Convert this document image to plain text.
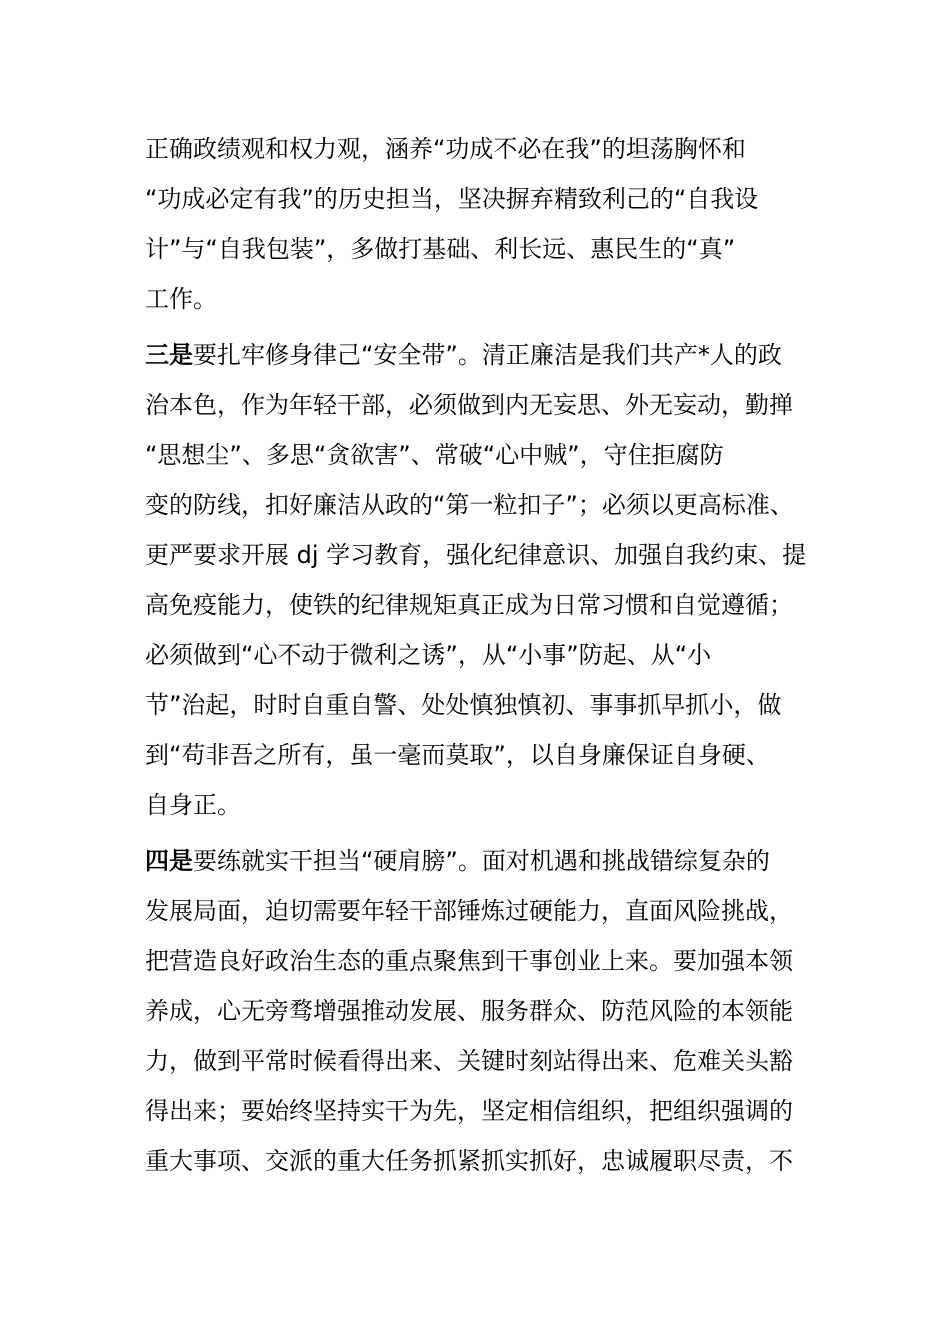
正确政绩观和权力观，涵养“功成不必在我”的坦荡胸怀和

“功成必定有我”的历史担当，坚决摒弃精致利己的“自我设

计”与“自我包装”，多做打基础、利长远、惠民生的“真”

工作。

三是要扎牢修身律己“安全带”。清正廉洁是我们共产*人的政

治本色，作为年轻干部，必须做到内无妄思、外无妄动，勤掸

“思想尘”、多思“贪欲害”、常破“心中贼”，守住拒腐防

变的防线，扣好廉洁从政的“第一粒扣子”；必须以更高标准、

更严要求开展 dj 学习教育，强化纪律意识、加强自我约束、提

高免疫能力，使铁的纪律规矩真正成为日常习惯和自觉遵循；

必须做到“心不动于微利之诱”，从“小事”防起、从“小

节”治起，时时自重自警、处处慎独慎初、事事抓早抓小，做

到“苟非吾之所有，虽一毫而莫取”，以自身廉保证自身硬、

自身正。

四是要练就实干担当“硬肩膀”。面对机遇和挑战错综复杂的

发展局面，迫切需要年轻干部锤炼过硬能力，直面风险挑战，

把营造良好政治生态的重点聚焦到干事创业上来。要加强本领

养成，心无旁骛增强推动发展、服务群众、防范风险的本领能

力，做到平常时候看得出来、关键时刻站得出来、危难关头豁

得出来；要始终坚持实干为先，坚定相信组织，把组织强调的

重大事项、交派的重大任务抓紧抓实抓好，忠诚履职尽责，不
